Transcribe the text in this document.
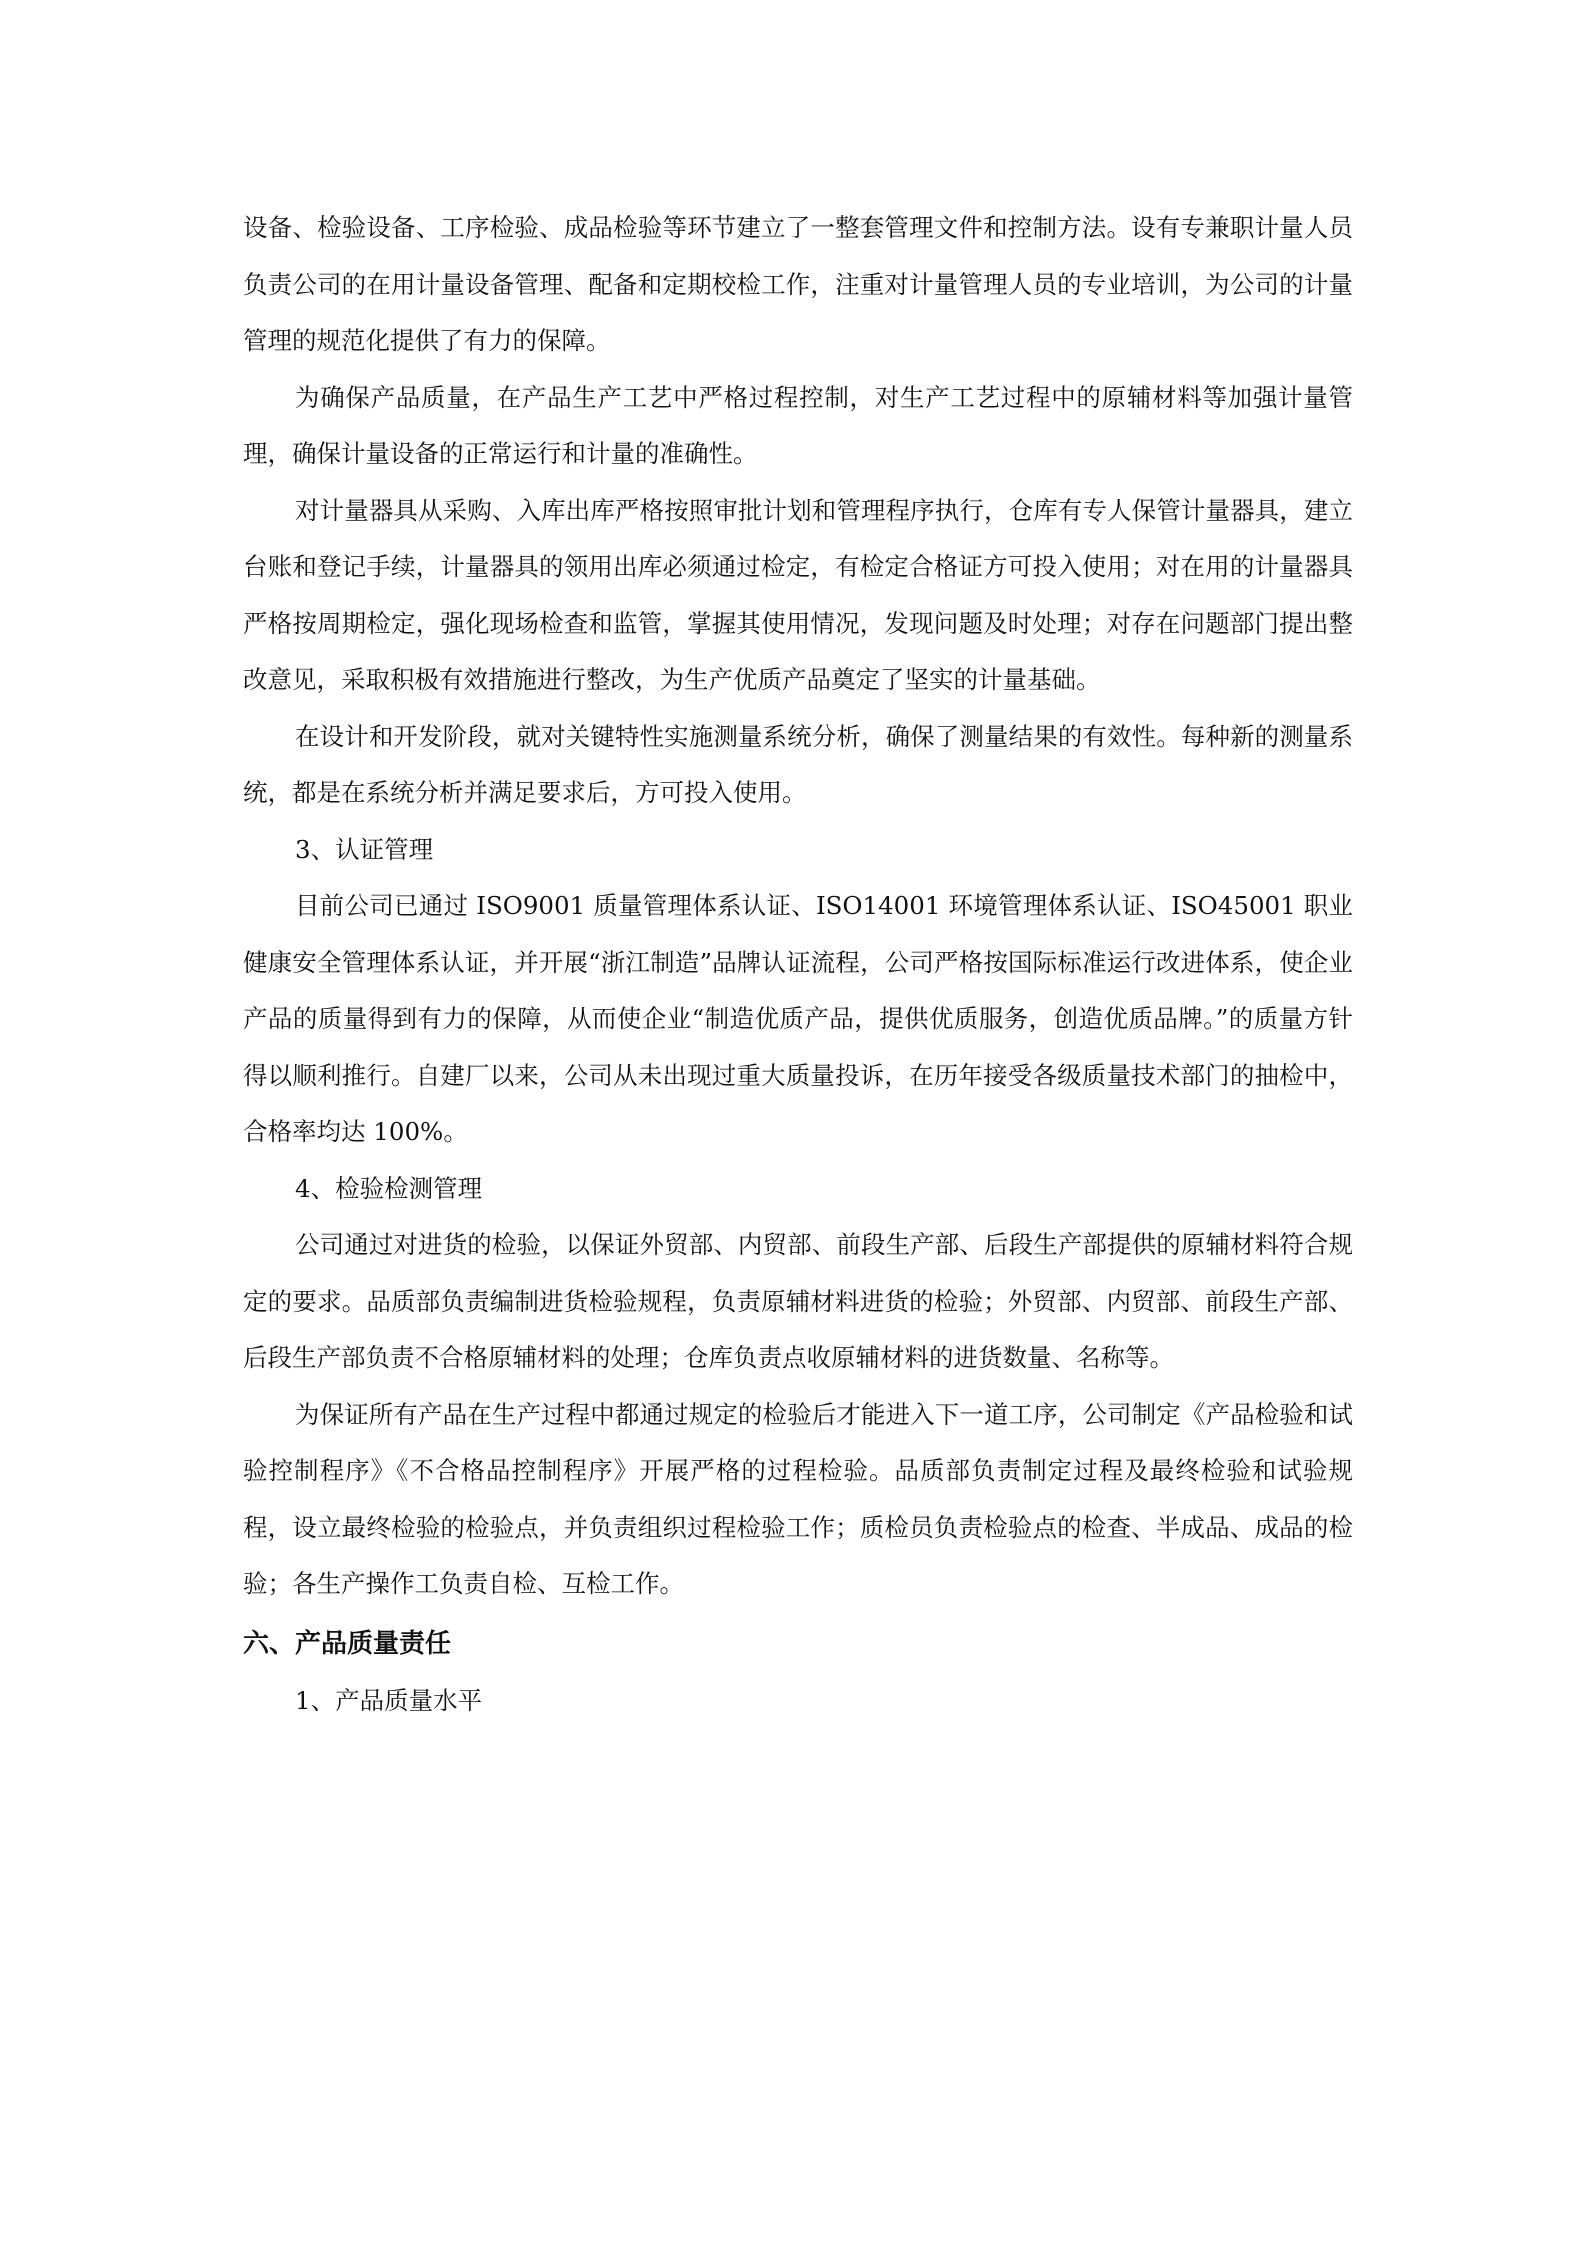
设备、检验设备、工序检验、成品检验等环节建立了一整套管理文件和控制方法。设有专兼职计量人员负责公司的在用计量设备管理、配备和定期校检工作，注重对计量管理人员的专业培训，为公司的计量管理的规范化提供了有力的保障。

为确保产品质量，在产品生产工艺中严格过程控制，对生产工艺过程中的原辅材料等加强计量管理，确保计量设备的正常运行和计量的准确性。

对计量器具从采购、入库出库严格按照审批计划和管理程序执行，仓库有专人保管计量器具，建立台账和登记手续，计量器具的领用出库必须通过检定，有检定合格证方可投入使用；对在用的计量器具严格按周期检定，强化现场检查和监管，掌握其使用情况，发现问题及时处理；对存在问题部门提出整改意见，采取积极有效措施进行整改，为生产优质产品奠定了坚实的计量基础。

在设计和开发阶段，就对关键特性实施测量系统分析，确保了测量结果的有效性。每种新的测量系统，都是在系统分析并满足要求后，方可投入使用。

3、认证管理

目前公司已通过 ISO9001 质量管理体系认证、ISO14001 环境管理体系认证、ISO45001 职业健康安全管理体系认证，并开展“浙江制造”品牌认证流程，公司严格按国际标准运行改进体系，使企业产品的质量得到有力的保障，从而使企业“制造优质产品，提供优质服务，创造优质品牌。”的质量方针得以顺利推行。自建厂以来，公司从未出现过重大质量投诉，在历年接受各级质量技术部门的抽检中，合格率均达 100%。

4、检验检测管理

公司通过对进货的检验，以保证外贸部、内贸部、前段生产部、后段生产部提供的原辅材料符合规定的要求。品质部负责编制进货检验规程，负责原辅材料进货的检验；外贸部、内贸部、前段生产部、后段生产部负责不合格原辅材料的处理；仓库负责点收原辅材料的进货数量、名称等。

为保证所有产品在生产过程中都通过规定的检验后才能进入下一道工序，公司制定《产品检验和试验控制程序》《不合格品控制程序》开展严格的过程检验。品质部负责制定过程及最终检验和试验规程，设立最终检验的检验点，并负责组织过程检验工作；质检员负责检验点的检查、半成品、成品的检验；各生产操作工负责自检、互检工作。

六、产品质量责任

1、产品质量水平
